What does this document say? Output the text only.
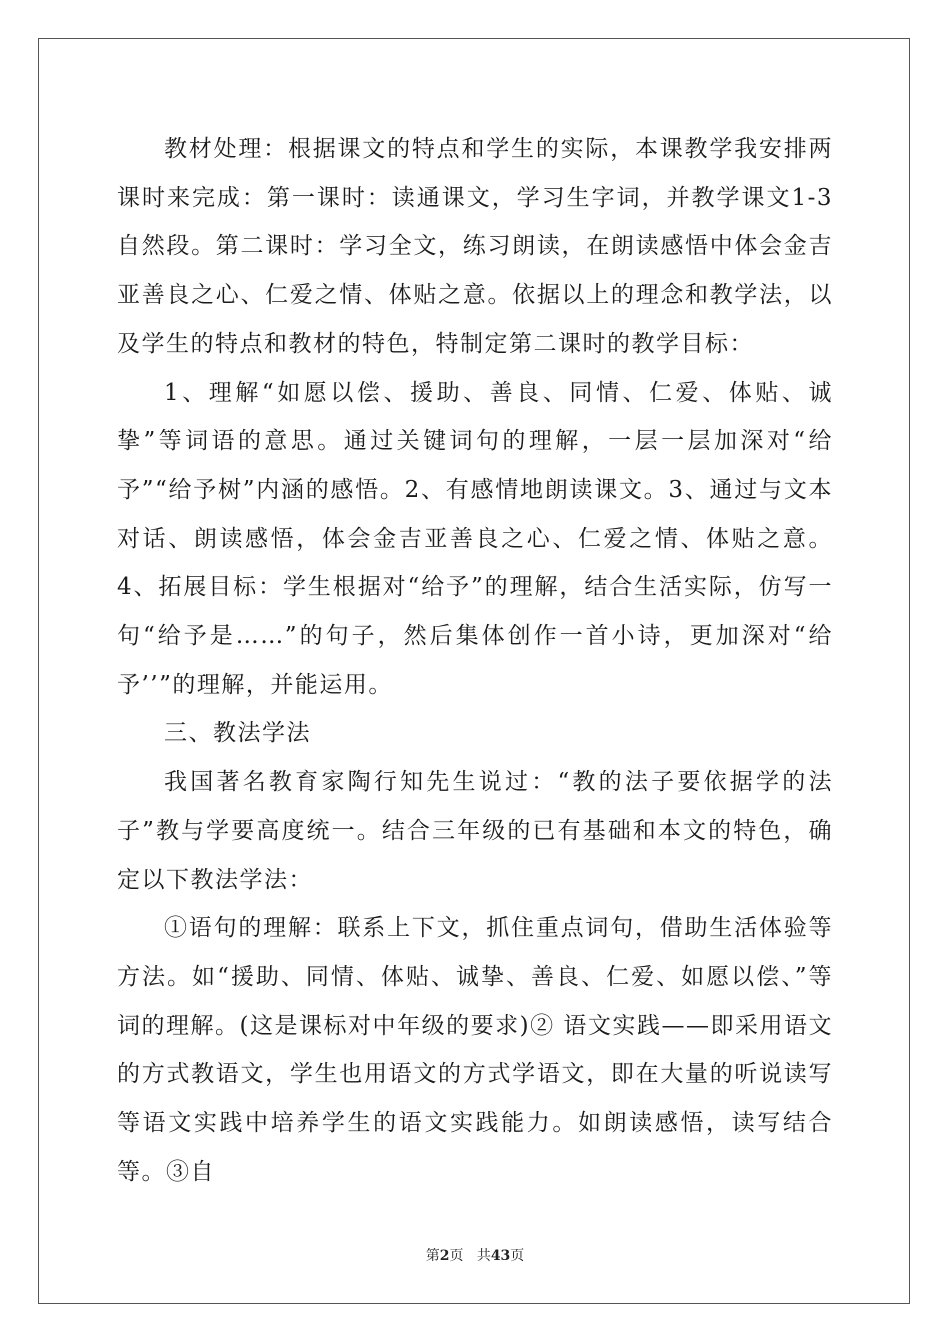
教材处理：根据课文的特点和学生的实际，本课教学我安排两课时来完成：第一课时：读通课文，学习生字词，并教学课文1-3自然段。第二课时：学习全文，练习朗读，在朗读感悟中体会金吉亚善良之心、仁爱之情、体贴之意。依据以上的理念和教学法，以及学生的特点和教材的特色，特制定第二课时的教学目标：

1、理解“如愿以偿、援助、善良、同情、仁爱、体贴、诚挚”等词语的意思。通过关键词句的理解，一层一层加深对“给予”“给予树”内涵的感悟。2、有感情地朗读课文。3、通过与文本对话、朗读感悟，体会金吉亚善良之心、仁爱之情、体贴之意。4、拓展目标：学生根据对“给予”的理解，结合生活实际，仿写一句“给予是……”的句子，然后集体创作一首小诗，更加深对“给予’’”的理解，并能运用。

三、教法学法

我国著名教育家陶行知先生说过：“教的法子要依据学的法子”教与学要高度统一。结合三年级的已有基础和本文的特色，确定以下教法学法：

①语句的理解：联系上下文，抓住重点词句，借助生活体验等方法。如“援助、同情、体贴、诚挚、善良、仁爱、如愿以偿、”等词的理解。(这是课标对中年级的要求)② 语文实践——即采用语文的方式教语文，学生也用语文的方式学语文，即在大量的听说读写等语文实践中培养学生的语文实践能力。如朗读感悟，读写结合等。③自

第2页 共43页
